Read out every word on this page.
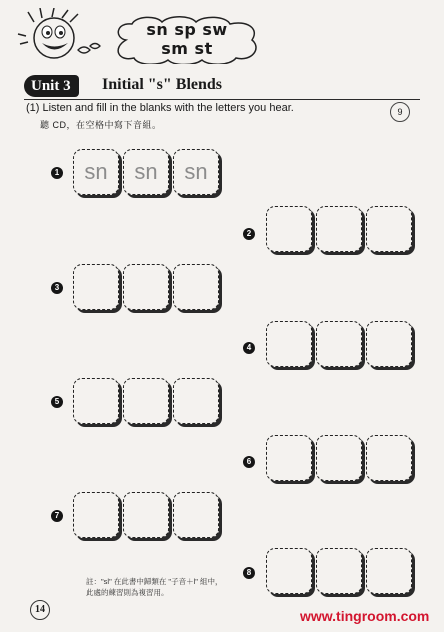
sn sp sw
sm st
Unit 3	Initial "s" Blends
(1) Listen and fill in the blanks with the letters you hear.
聽 CD，在空格中寫下音組。
9
1	sn	sn	sn
2
3
4
5
6
7
8
註："sl" 在此書中歸類在 "子音＋l" 組中，
此處的練習則為複習用。
14	www.tingroom.com
